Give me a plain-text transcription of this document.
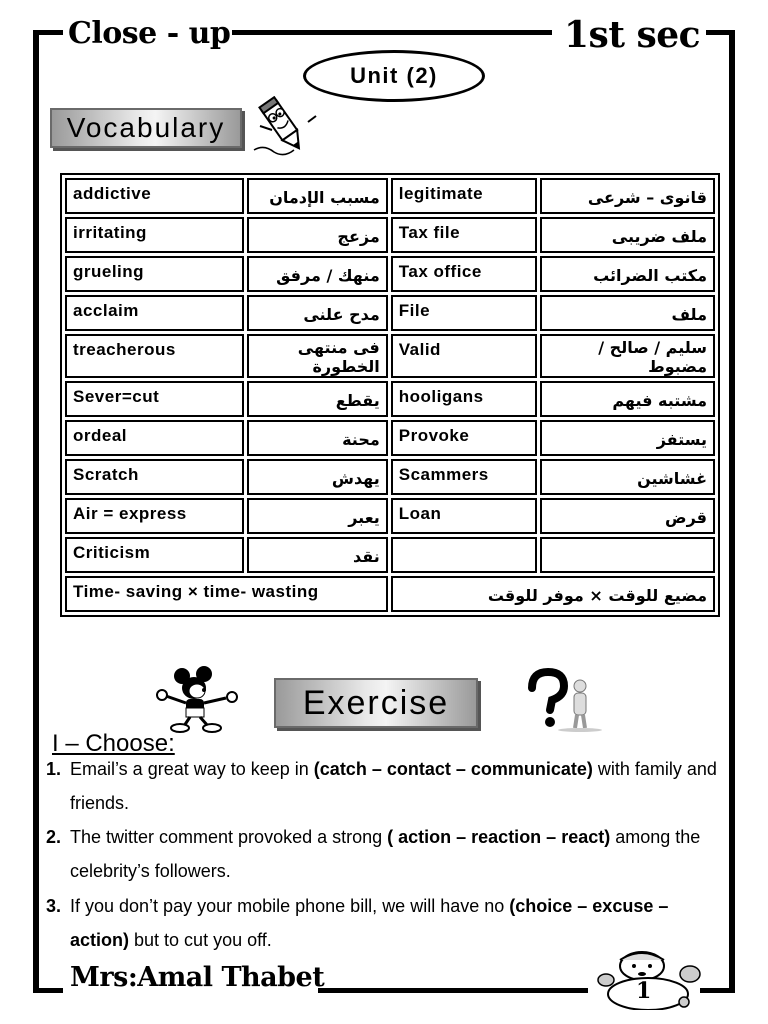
Close - up	1st sec
Unit (2)
Vocabulary
addictive	مسبب الإدمان	legitimate	قانوى – شرعى
irritating	مزعج	Tax file	ملف ضريبى
grueling	منهك / مرفق	Tax office	مكتب الضرائب
acclaim	مدح علنى	File	ملف
treacherous	فى منتهى الخطورة	Valid	سليم / صالح / مضبوط
Sever=cut	يقطع	hooligans	مشتبه فيهم
ordeal	محنة	Provoke	يستفز
Scratch	يهدش	Scammers	غشاشين
Air = express	يعبر	Loan	قرض
Criticism	نقد		
Time- saving × time- wasting		مضيع للوقت × موفر للوقت	
Exercise
I – Choose:
1. Email’s a great way to keep in (catch – contact – communicate) with family and friends.
2. The twitter comment provoked a strong ( action – reaction – react) among the celebrity’s followers.
3. If you don’t pay your mobile phone bill, we will have no (choice – excuse – action) but to cut you off.
Mrs:Amal Thabet	1
